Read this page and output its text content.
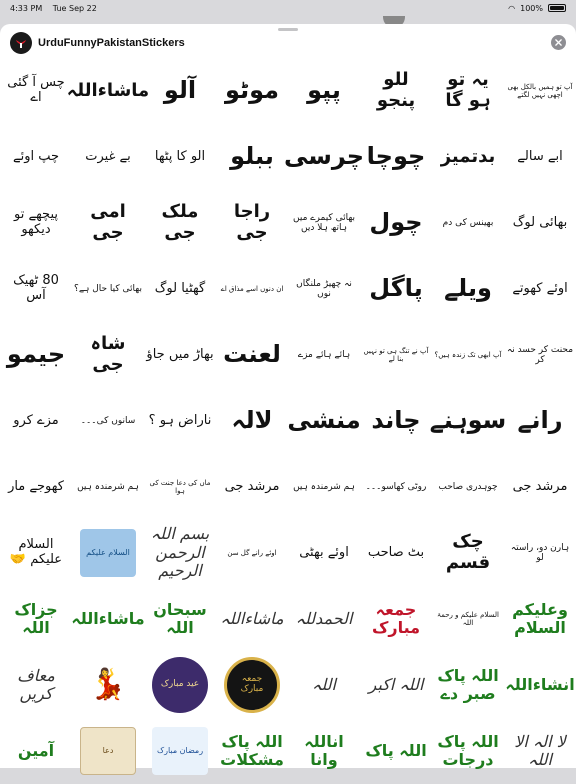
4:33 PM Tue Sep 22	◠ 100%
UrduFunnyPakistanStickers
چس آ گئی اے	ماشاءاللہ آلو موٹو پپو	للو پنجو
یہ تو ہو گا
آپ تو ہمیں بالکل بھی اچھی نہیں لگتے
چپ اوئے بے غیرت الو کا پٹھا ببلو چرسی چوچا بدتمیز ابے سالے
پیچھے تو دیکھو
امی جی
ملک جی
راجا جی
بھائی کیمرے میں ہاتھ ہلا دیں چول بھینس کی دم بھائی لوگ
80 ٹھیک آس	بھائی کیا حال ہے؟ گھٹیا لوگ ان دنوں اسے مذاق اے
نہ چھیڑ ملنگاں نوں	پاگل ویلے اوئے کھوتے
جیمو	شاہ جی	بھاڑ میں جاؤ لعنت ہائے ہائے مزے آپ نے تنگ ہی تو نہیں بنا لے
آپ ابھی تک زندہ ہیں؟
محنت کر حسد نہ کر
مزے کرو سانوں کی۔۔۔ ناراض ہو ؟ لالہ منشی چاند سوہنے رانے
کھوجے مار ہم شرمندہ ہیں	ماں کی دعا جنت کی ہوا	مرشد جی ہم شرمندہ ہیں روٹی کھاسو۔۔۔ چوہدری صاحب مرشد جی
السلام علیکم 🤝	السلام علیکم
بسم اللہ الرحمن الرحیم
اوئے رانے گل سن اوئے بھٹی بٹ صاحب	چک قسم
ہارن دو، راستہ لو
جزاک اللہ	ماشاءاللہ سبحان اللہ	ماشاءاللہ الحمدللہ	جمعہ مبارک
السلام علیکم و رحمۃ اللہ
وعلیکم السلام
معاف کریں	💃	عید مبارک	جمعہ مبارک	اللہ اللہ اکبر اللہ پاک صبر دے انشاءاللہ
آمین	دعا	رمضان مبارک
اللہ پاک مشکلات
اناللہ وانا	اللہ پاک اللہ پاک درجات
لا الہ الا اللہ
